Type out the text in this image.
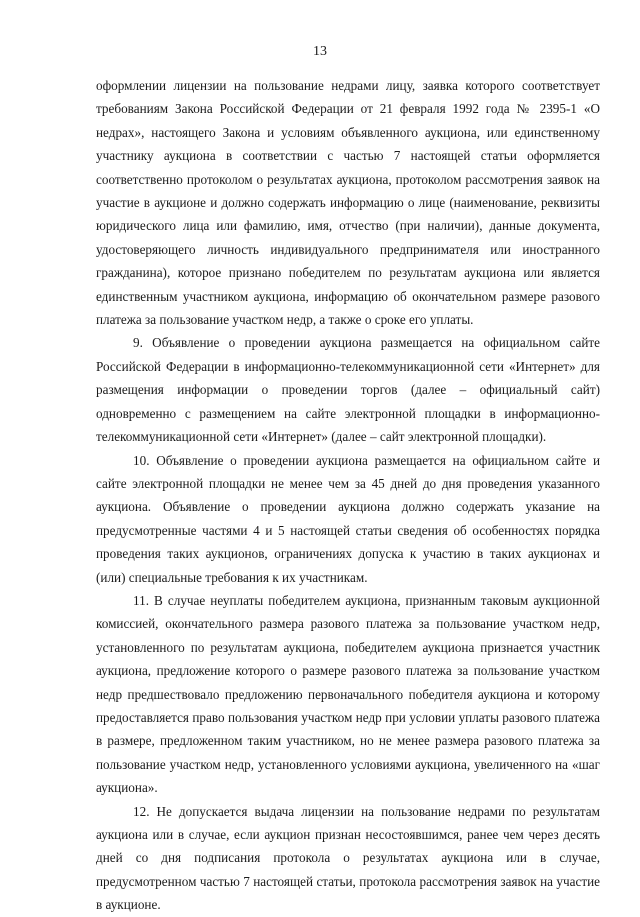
13

оформлении лицензии на пользование недрами лицу, заявка которого соответствует требованиям Закона Российской Федерации от 21 февраля 1992 года № 2395-1 «О недрах», настоящего Закона и условиям объявленного аукциона, или единственному участнику аукциона в соответствии с частью 7 настоящей статьи оформляется соответственно протоколом о результатах аукциона, протоколом рассмотрения заявок на участие в аукционе и должно содержать информацию о лице (наименование, реквизиты юридического лица или фамилию, имя, отчество (при наличии), данные документа, удостоверяющего личность индивидуального предпринимателя или иностранного гражданина), которое признано победителем по результатам аукциона или является единственным участником аукциона, информацию об окончательном размере разового платежа за пользование участком недр, а также о сроке его уплаты.

9. Объявление о проведении аукциона размещается на официальном сайте Российской Федерации в информационно-телекоммуникационной сети «Интернет» для размещения информации о проведении торгов (далее – официальный сайт) одновременно с размещением на сайте электронной площадки в информационно-телекоммуникационной сети «Интернет» (далее – сайт электронной площадки).

10. Объявление о проведении аукциона размещается на официальном сайте и сайте электронной площадки не менее чем за 45 дней до дня проведения указанного аукциона. Объявление о проведении аукциона должно содержать указание на предусмотренные частями 4 и 5 настоящей статьи сведения об особенностях порядка проведения таких аукционов, ограничениях допуска к участию в таких аукционах и (или) специальные требования к их участникам.

11. В случае неуплаты победителем аукциона, признанным таковым аукционной комиссией, окончательного размера разового платежа за пользование участком недр, установленного по результатам аукциона, победителем аукциона признается участник аукциона, предложение которого о размере разового платежа за пользование участком недр предшествовало предложению первоначального победителя аукциона и которому предоставляется право пользования участком недр при условии уплаты разового платежа в размере, предложенном таким участником, но не менее размера разового платежа за пользование участком недр, установленного условиями аукциона, увеличенного на «шаг аукциона».

12. Не допускается выдача лицензии на пользование недрами по результатам аукциона или в случае, если аукцион признан несостоявшимся, ранее чем через десять дней со дня подписания протокола о результатах аукциона или в случае, предусмотренном частью 7 настоящей статьи, протокола рассмотрения заявок на участие в аукционе.
